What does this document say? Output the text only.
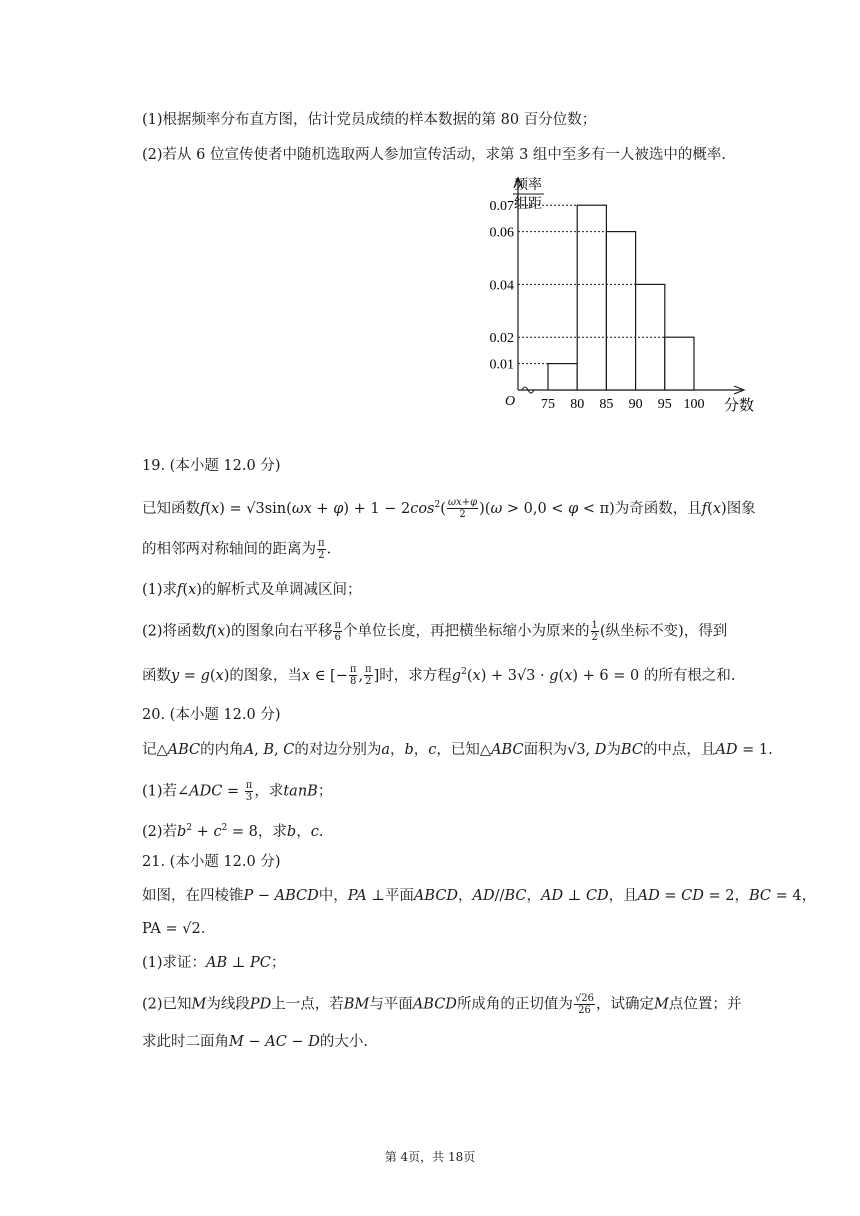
(1)根据频率分布直方图，估计党员成绩的样本数据的第 80 百分位数；
(2)若从 6 位宣传使者中随机选取两人参加宣传活动，求第 3 组中至多有一人被选中的概率.
0.07
0.06
0.04
0.02
0.01
75 80 85 90 95 100
频率
组距
分数
O
19. (本小题 12.0 分)
已知函数$f(x) = √3\sin(\omega x + \varphi) + 1 - 2\cos^2( \frac{\omega x+\varphi}{2} )(\omega > 0,0 < \varphi < \pi)$为奇函数，且f(x)图象
的相邻两对称轴间的距离为 $\frac{\pi}{2}$ .
(1)求f(x)的解析式及单调减区间；
(2)将函数f(x)的图象向右平移 $\frac{\pi}{6}$ 个单位长度，再把横坐标缩小为原来的 $\frac{1}{2}$ (纵坐标不变)，得到
函数y = g(x)的图象，当x ∈ [− $\frac{\pi}{8}$ , $\frac{\pi}{2}$ ]时，求方程$g^2(x) + 3√3 \cdot g(x) + 6 = 0$ 的所有根之和.
20. (本小题 12.0 分)
记△ABC的内角A, B, C的对边分别为a，b，c，已知△ABC面积为√3, D为BC的中点，且AD = 1.
(1)若∠ADC = $\frac{\pi}{3}$ ，求tanB；
(2)若$b^2 + c^2 = 8$，求b，c.
21. (本小题 12.0 分)
如图，在四棱锥P − ABCD中，PA ⊥平面ABCD，AD//BC，AD ⊥ CD，且AD = CD = 2，BC = 4，
PA = √2.
(1)求证：AB ⊥ PC；
(2)已知M为线段PD上一点，若BM与平面ABCD所成角的正切值为 $\frac{√26}{26}$ ，试确定M点位置；并
求此时二面角M − AC − D的大小.
第 4页，共 18页
